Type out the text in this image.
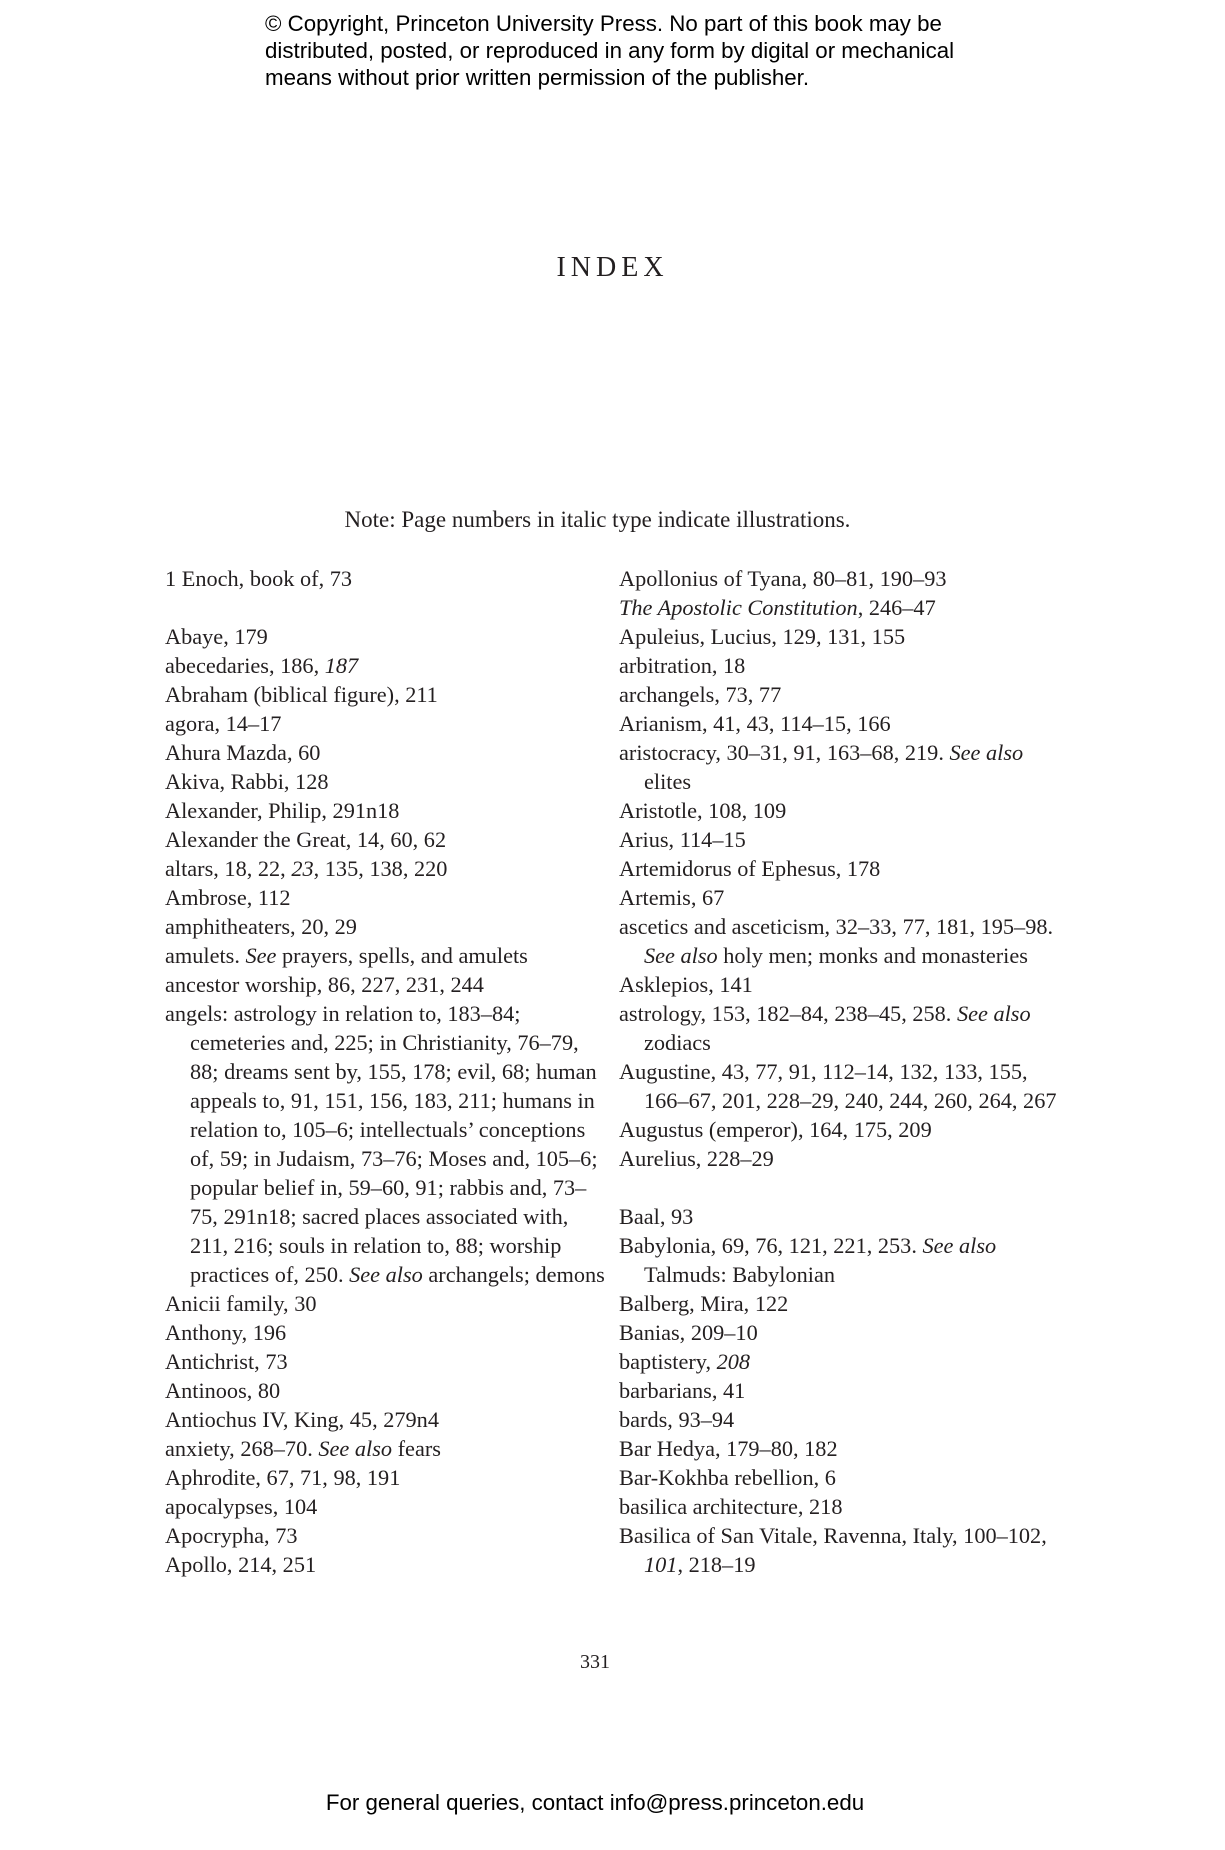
© Copyright, Princeton University Press. No part of this book may be
distributed, posted, or reproduced in any form by digital or mechanical
means without prior written permission of the publisher.
INDEX
Note: Page numbers in italic type indicate illustrations.
1 Enoch, book of, 73
Abaye, 179
abecedaries, 186, 187
Abraham (biblical figure), 211
agora, 14–17
Ahura Mazda, 60
Akiva, Rabbi, 128
Alexander, Philip, 291n18
Alexander the Great, 14, 60, 62
altars, 18, 22, 23, 135, 138, 220
Ambrose, 112
amphitheaters, 20, 29
amulets. See prayers, spells, and amulets
ancestor worship, 86, 227, 231, 244
angels: astrology in relation to, 183–84; cemeteries and, 225; in Christianity, 76–79, 88; dreams sent by, 155, 178; evil, 68; human appeals to, 91, 151, 156, 183, 211; humans in relation to, 105–6; intellectuals’ conceptions of, 59; in Judaism, 73–76; Moses and, 105–6; popular belief in, 59–60, 91; rabbis and, 73–75, 291n18; sacred places associated with, 211, 216; souls in relation to, 88; worship practices of, 250. See also archangels; demons
Anicii family, 30
Anthony, 196
Antichrist, 73
Antinoos, 80
Antiochus IV, King, 45, 279n4
anxiety, 268–70. See also fears
Aphrodite, 67, 71, 98, 191
apocalypses, 104
Apocrypha, 73
Apollo, 214, 251
Apollonius of Tyana, 80–81, 190–93
The Apostolic Constitution, 246–47
Apuleius, Lucius, 129, 131, 155
arbitration, 18
archangels, 73, 77
Arianism, 41, 43, 114–15, 166
aristocracy, 30–31, 91, 163–68, 219. See also elites
Aristotle, 108, 109
Arius, 114–15
Artemidorus of Ephesus, 178
Artemis, 67
ascetics and asceticism, 32–33, 77, 181, 195–98. See also holy men; monks and monasteries
Asklepios, 141
astrology, 153, 182–84, 238–45, 258. See also zodiacs
Augustine, 43, 77, 91, 112–14, 132, 133, 155, 166–67, 201, 228–29, 240, 244, 260, 264, 267
Augustus (emperor), 164, 175, 209
Aurelius, 228–29
Baal, 93
Babylonia, 69, 76, 121, 221, 253. See also Talmuds: Babylonian
Balberg, Mira, 122
Banias, 209–10
baptistery, 208
barbarians, 41
bards, 93–94
Bar Hedya, 179–80, 182
Bar-Kokhba rebellion, 6
basilica architecture, 218
Basilica of San Vitale, Ravenna, Italy, 100–102, 101, 218–19
331
For general queries, contact info@press.princeton.edu
